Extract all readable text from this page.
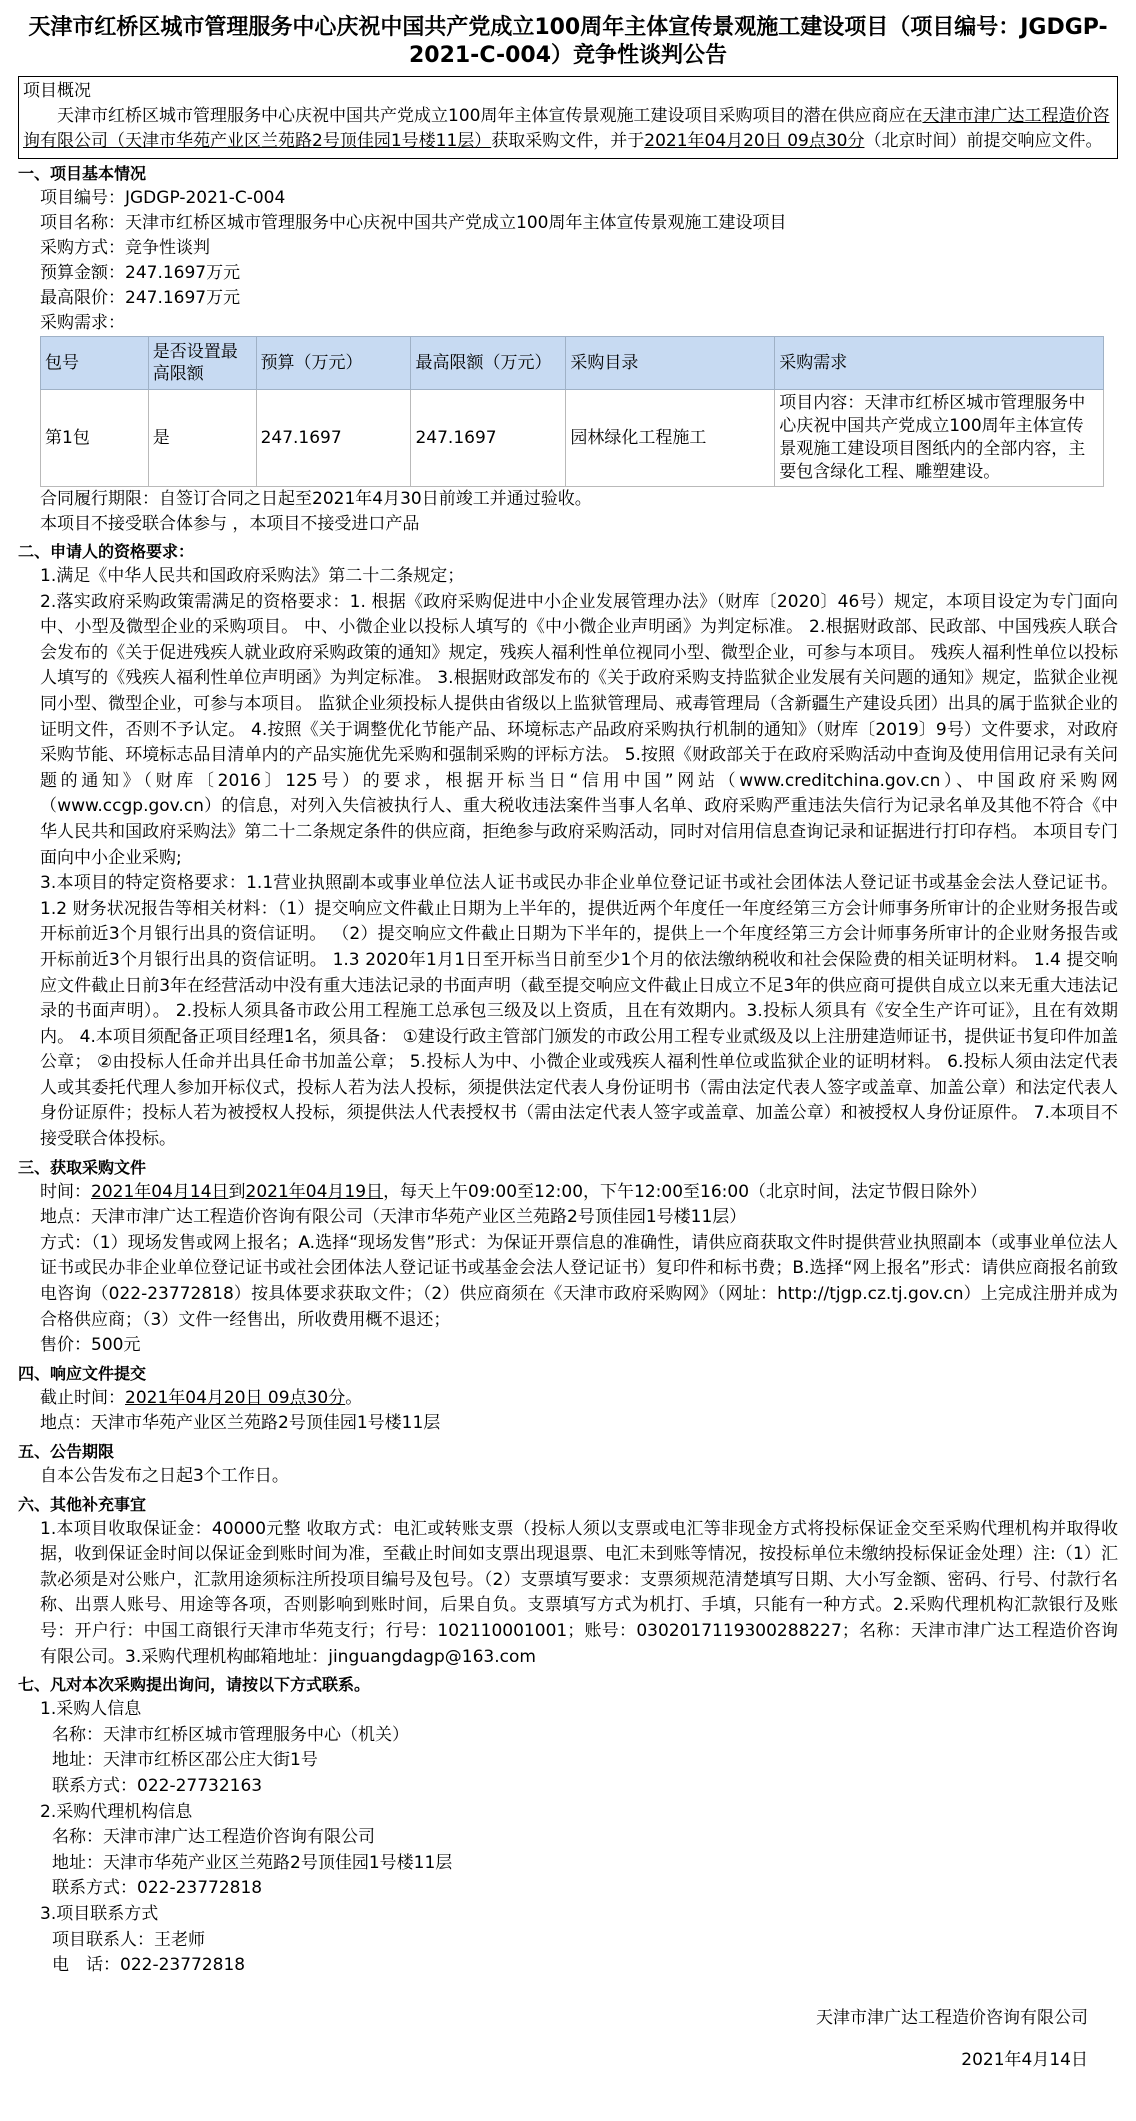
天津市红桥区城市管理服务中心庆祝中国共产党成立100周年主体宣传景观施工建设项目（项目编号：JGDGP-2021-C-004）竞争性谈判公告

项目概况

天津市红桥区城市管理服务中心庆祝中国共产党成立100周年主体宣传景观施工建设项目采购项目的潜在供应商应在天津市津广达工程造价咨询有限公司（天津市华苑产业区兰苑路2号顶佳园1号楼11层）获取采购文件，并于2021年04月20日 09点30分（北京时间）前提交响应文件。

一、项目基本情况

项目编号：JGDGP-2021-C-004

项目名称：天津市红桥区城市管理服务中心庆祝中国共产党成立100周年主体宣传景观施工建设项目

采购方式：竞争性谈判

预算金额：247.1697万元

最高限价：247.1697万元

采购需求：

包号	是否设置最高限额	预算（万元）	最高限额（万元）	采购目录	采购需求
第1包	是	247.1697	247.1697	园林绿化工程施工	项目内容：天津市红桥区城市管理服务中心庆祝中国共产党成立100周年主体宣传景观施工建设项目图纸内的全部内容，主要包含绿化工程、雕塑建设。

合同履行期限：自签订合同之日起至2021年4月30日前竣工并通过验收。

本项目不接受联合体参与 ，本项目不接受进口产品

二、申请人的资格要求：

1.满足《中华人民共和国政府采购法》第二十二条规定；

2.落实政府采购政策需满足的资格要求：1. 根据《政府采购促进中小企业发展管理办法》（财库〔2020〕46号）规定，本项目设定为专门面向中、小型及微型企业的采购项目。 中、小微企业以投标人填写的《中小微企业声明函》为判定标准。 2.根据财政部、民政部、中国残疾人联合会发布的《关于促进残疾人就业政府采购政策的通知》规定，残疾人福利性单位视同小型、微型企业，可参与本项目。 残疾人福利性单位以投标人填写的《残疾人福利性单位声明函》为判定标准。 3.根据财政部发布的《关于政府采购支持监狱企业发展有关问题的通知》规定，监狱企业视同小型、微型企业，可参与本项目。 监狱企业须投标人提供由省级以上监狱管理局、戒毒管理局（含新疆生产建设兵团）出具的属于监狱企业的证明文件，否则不予认定。 4.按照《关于调整优化节能产品、环境标志产品政府采购执行机制的通知》（财库〔2019〕9号）文件要求，对政府采购节能、环境标志品目清单内的产品实施优先采购和强制采购的评标方法。 5.按照《财政部关于在政府采购活动中查询及使用信用记录有关问题的通知》（财库〔2016〕125号）的要求，根据开标当日“信用中国”网站（www.creditchina.gov.cn）、中国政府采购网（www.ccgp.gov.cn）的信息，对列入失信被执行人、重大税收违法案件当事人名单、政府采购严重违法失信行为记录名单及其他不符合《中华人民共和国政府采购法》第二十二条规定条件的供应商，拒绝参与政府采购活动，同时对信用信息查询记录和证据进行打印存档。 本项目专门面向中小企业采购;

3.本项目的特定资格要求：1.1营业执照副本或事业单位法人证书或民办非企业单位登记证书或社会团体法人登记证书或基金会法人登记证书。 1.2 财务状况报告等相关材料：（1）提交响应文件截止日期为上半年的，提供近两个年度任一年度经第三方会计师事务所审计的企业财务报告或开标前近3个月银行出具的资信证明。 （2）提交响应文件截止日期为下半年的，提供上一个年度经第三方会计师事务所审计的企业财务报告或开标前近3个月银行出具的资信证明。 1.3 2020年1月1日至开标当日前至少1个月的依法缴纳税收和社会保险费的相关证明材料。 1.4 提交响应文件截止日前3年在经营活动中没有重大违法记录的书面声明（截至提交响应文件截止日成立不足3年的供应商可提供自成立以来无重大违法记录的书面声明）。 2.投标人须具备市政公用工程施工总承包三级及以上资质，且在有效期内。3.投标人须具有《安全生产许可证》，且在有效期内。 4.本项目须配备正项目经理1名，须具备： ①建设行政主管部门颁发的市政公用工程专业贰级及以上注册建造师证书，提供证书复印件加盖公章； ②由投标人任命并出具任命书加盖公章； 5.投标人为中、小微企业或残疾人福利性单位或监狱企业的证明材料。 6.投标人须由法定代表人或其委托代理人参加开标仪式，投标人若为法人投标，须提供法定代表人身份证明书（需由法定代表人签字或盖章、加盖公章）和法定代表人身份证原件；投标人若为被授权人投标，须提供法人代表授权书（需由法定代表人签字或盖章、加盖公章）和被授权人身份证原件。 7.本项目不接受联合体投标。

三、获取采购文件

时间：2021年04月14日到2021年04月19日，每天上午09:00至12:00，下午12:00至16:00（北京时间，法定节假日除外）

地点：天津市津广达工程造价咨询有限公司（天津市华苑产业区兰苑路2号顶佳园1号楼11层）

方式：（1）现场发售或网上报名；A.选择“现场发售”形式：为保证开票信息的准确性，请供应商获取文件时提供营业执照副本（或事业单位法人证书或民办非企业单位登记证书或社会团体法人登记证书或基金会法人登记证书）复印件和标书费；B.选择“网上报名”形式：请供应商报名前致电咨询（022-23772818）按具体要求获取文件；（2）供应商须在《天津市政府采购网》（网址：http://tjgp.cz.tj.gov.cn）上完成注册并成为合格供应商；（3）文件一经售出，所收费用概不退还；

售价：500元

四、响应文件提交

截止时间：2021年04月20日 09点30分。

地点：天津市华苑产业区兰苑路2号顶佳园1号楼11层

五、公告期限

自本公告发布之日起3个工作日。

六、其他补充事宜

1.本项目收取保证金：40000元整 收取方式：电汇或转账支票（投标人须以支票或电汇等非现金方式将投标保证金交至采购代理机构并取得收据，收到保证金时间以保证金到账时间为准，至截止时间如支票出现退票、电汇未到账等情况，按投标单位未缴纳投标保证金处理）注:（1）汇款必须是对公账户，汇款用途须标注所投项目编号及包号。（2）支票填写要求：支票须规范清楚填写日期、大小写金额、密码、行号、付款行名称、出票人账号、用途等各项，否则影响到账时间，后果自负。支票填写方式为机打、手填，只能有一种方式。2.采购代理机构汇款银行及账号：开户行：中国工商银行天津市华苑支行；行号：102110001001；账号：0302017119300288227；名称：天津市津广达工程造价咨询有限公司。3.采购代理机构邮箱地址：jinguangdagp@163.com

七、凡对本次采购提出询问，请按以下方式联系。

1.采购人信息

名称：天津市红桥区城市管理服务中心（机关）

地址：天津市红桥区邵公庄大街1号

联系方式：022-27732163

2.采购代理机构信息

名称：天津市津广达工程造价咨询有限公司

地址：天津市华苑产业区兰苑路2号顶佳园1号楼11层

联系方式：022-23772818

3.项目联系方式

项目联系人：王老师

电　话：022-23772818

天津市津广达工程造价咨询有限公司

2021年4月14日
